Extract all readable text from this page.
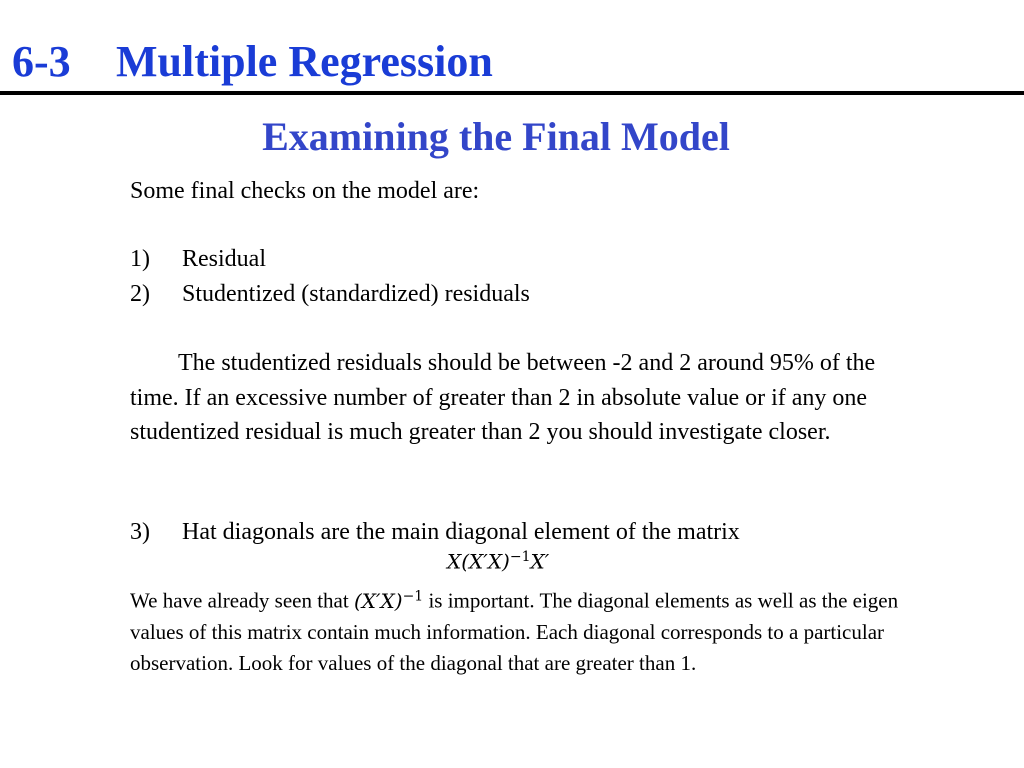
6-3 Multiple Regression
Examining the Final Model
Some final checks on the model are:
1) Residual
2) Studentized (standardized) residuals
The studentized residuals should be between -2 and 2 around 95% of the time. If an excessive number of greater than 2 in absolute value or if any one studentized residual is much greater than 2 you should investigate closer.
3) Hat diagonals are the main diagonal element of the matrix
$X(X'X)^{-1}X'$
We have already seen that $(X'X)^{-1}$ is important. The diagonal elements as well as the eigen values of this matrix contain much information. Each diagonal corresponds to a particular observation. Look for values of the diagonal that are greater than 1.
